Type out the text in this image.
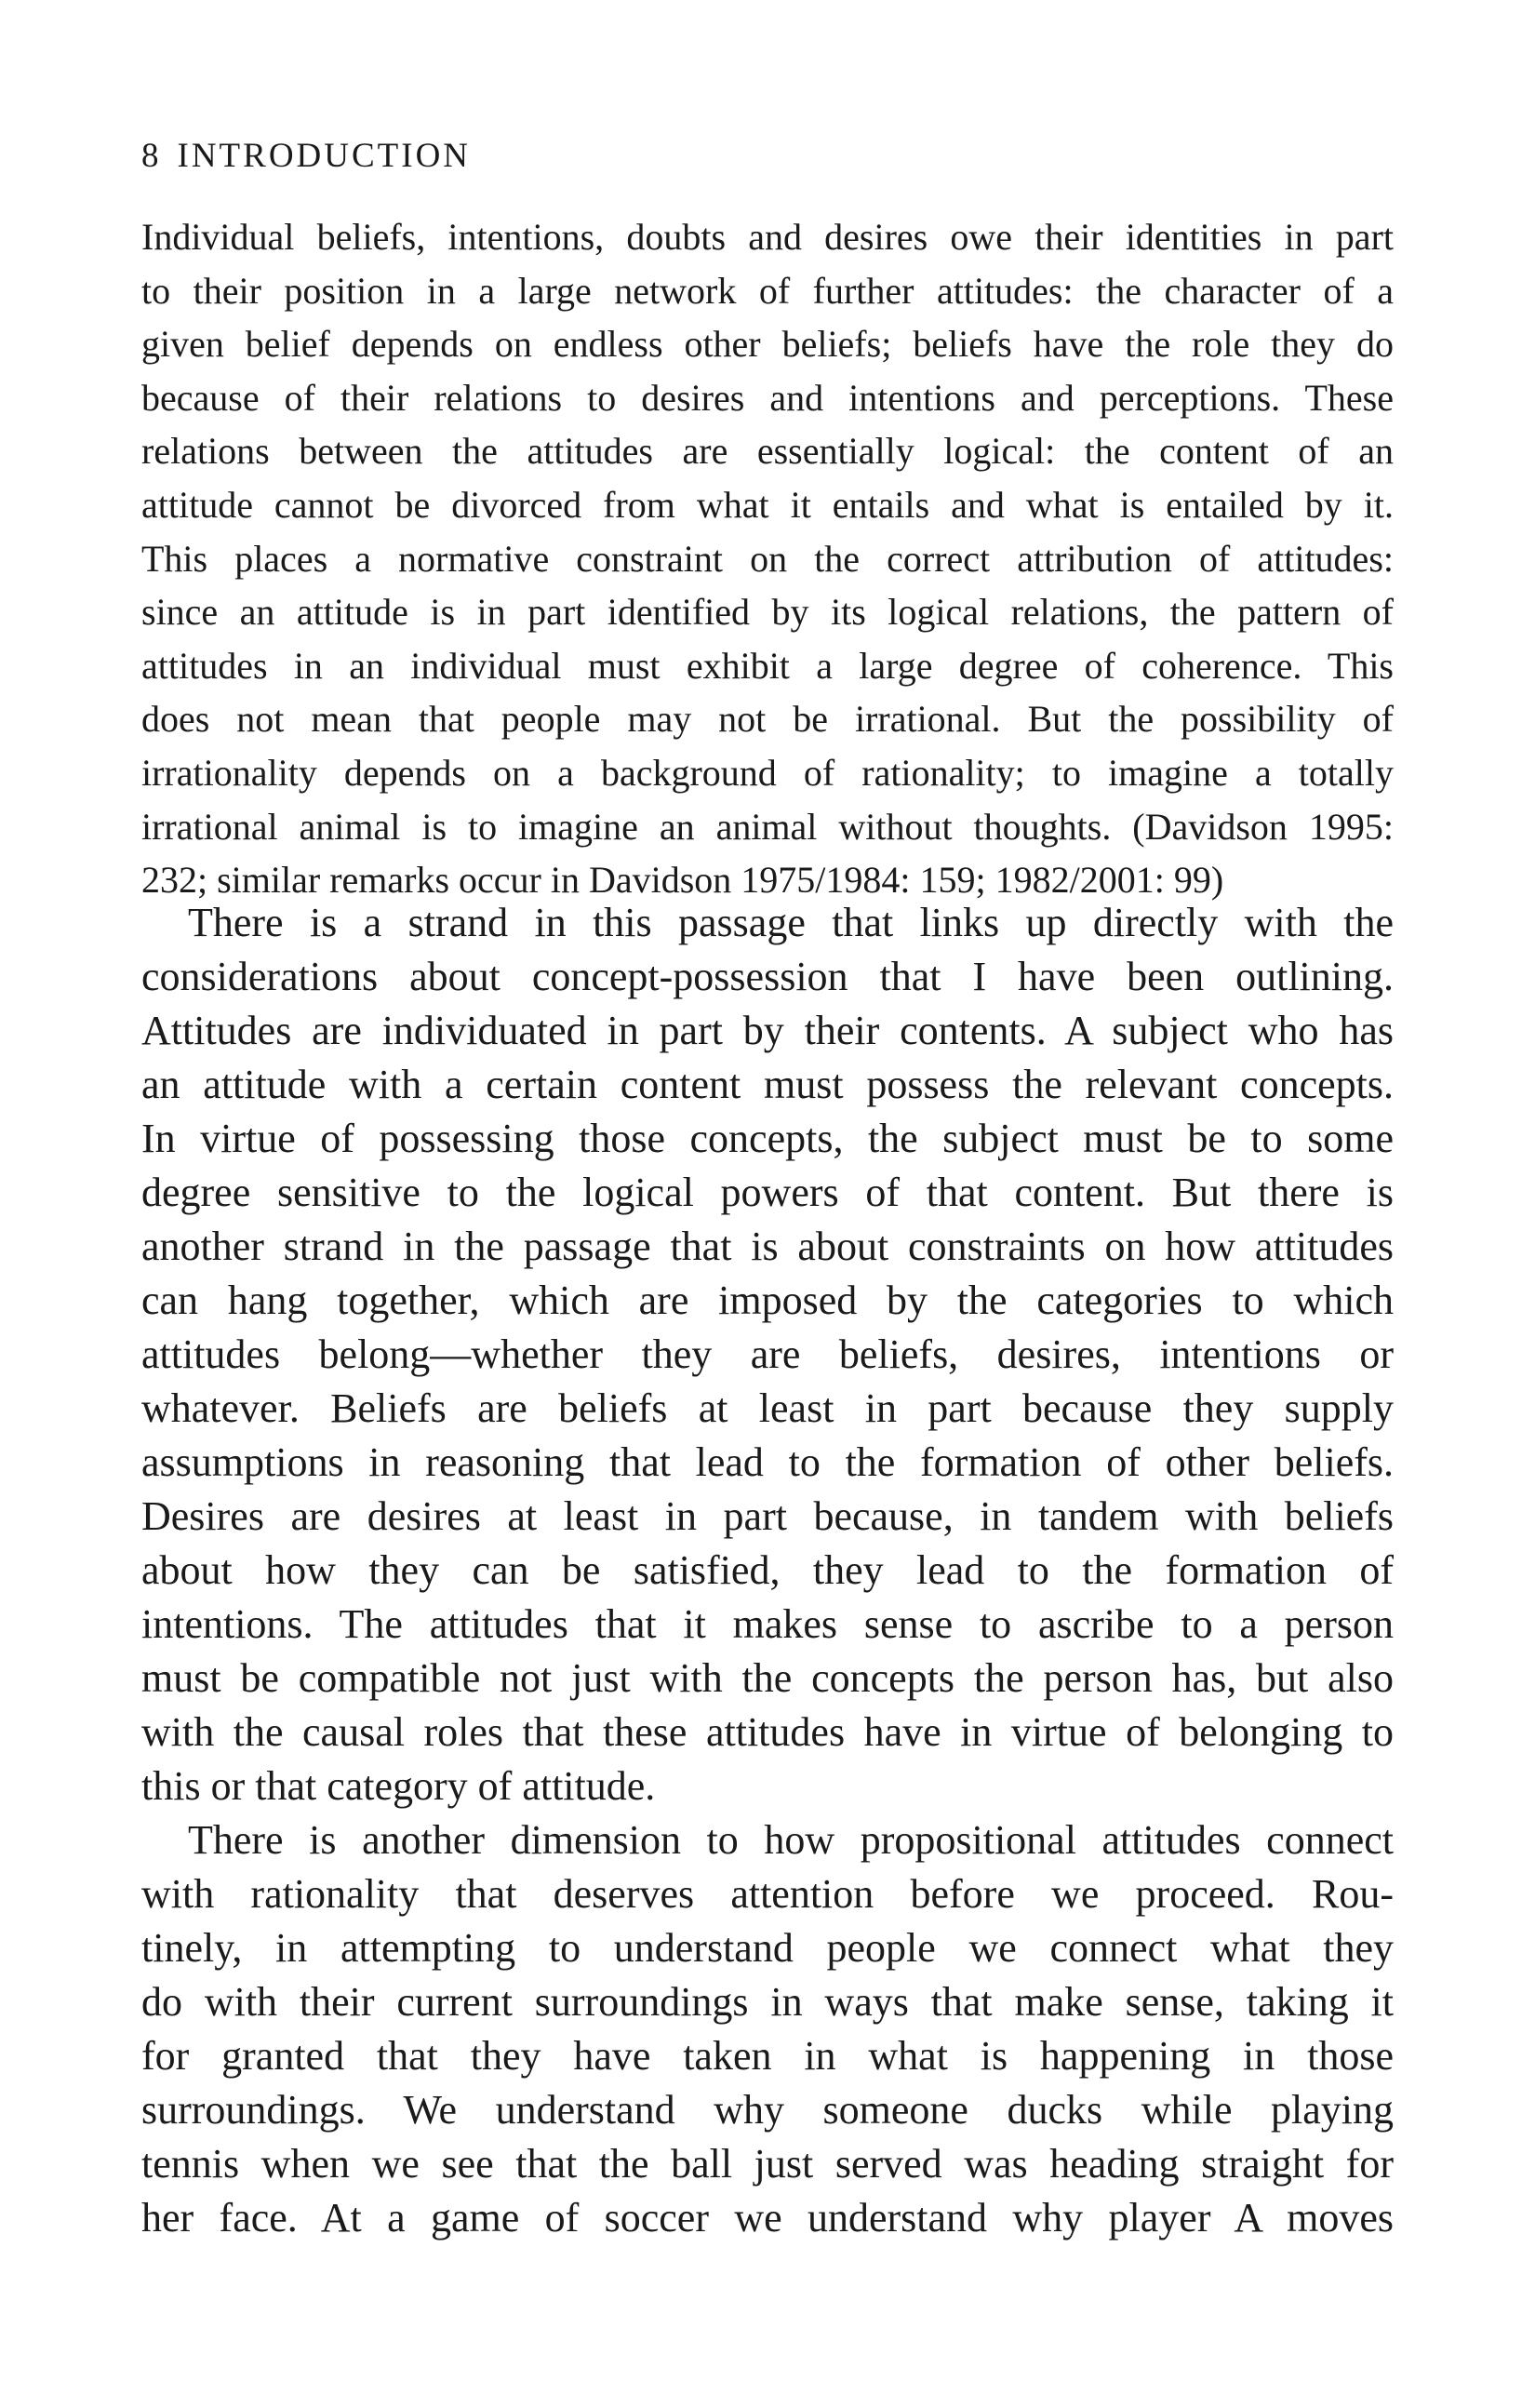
8 INTRODUCTION
Individual beliefs, intentions, doubts and desires owe their identities in part
to their position in a large network of further attitudes: the character of a
given belief depends on endless other beliefs; beliefs have the role they do
because of their relations to desires and intentions and perceptions. These
relations between the attitudes are essentially logical: the content of an
attitude cannot be divorced from what it entails and what is entailed by it.
This places a normative constraint on the correct attribution of attitudes:
since an attitude is in part identified by its logical relations, the pattern of
attitudes in an individual must exhibit a large degree of coherence. This
does not mean that people may not be irrational. But the possibility of
irrationality depends on a background of rationality; to imagine a totally
irrational animal is to imagine an animal without thoughts. (Davidson 1995:
232; similar remarks occur in Davidson 1975/1984: 159; 1982/2001: 99)

There is a strand in this passage that links up directly with the
considerations about concept-possession that I have been outlining.
Attitudes are individuated in part by their contents. A subject who has
an attitude with a certain content must possess the relevant concepts.
In virtue of possessing those concepts, the subject must be to some
degree sensitive to the logical powers of that content. But there is
another strand in the passage that is about constraints on how attitudes
can hang together, which are imposed by the categories to which
attitudes belong—whether they are beliefs, desires, intentions or
whatever. Beliefs are beliefs at least in part because they supply
assumptions in reasoning that lead to the formation of other beliefs.
Desires are desires at least in part because, in tandem with beliefs
about how they can be satisfied, they lead to the formation of
intentions. The attitudes that it makes sense to ascribe to a person
must be compatible not just with the concepts the person has, but also
with the causal roles that these attitudes have in virtue of belonging to
this or that category of attitude.

There is another dimension to how propositional attitudes connect
with rationality that deserves attention before we proceed. Rou-
tinely, in attempting to understand people we connect what they
do with their current surroundings in ways that make sense, taking it
for granted that they have taken in what is happening in those
surroundings. We understand why someone ducks while playing
tennis when we see that the ball just served was heading straight for
her face. At a game of soccer we understand why player A moves
